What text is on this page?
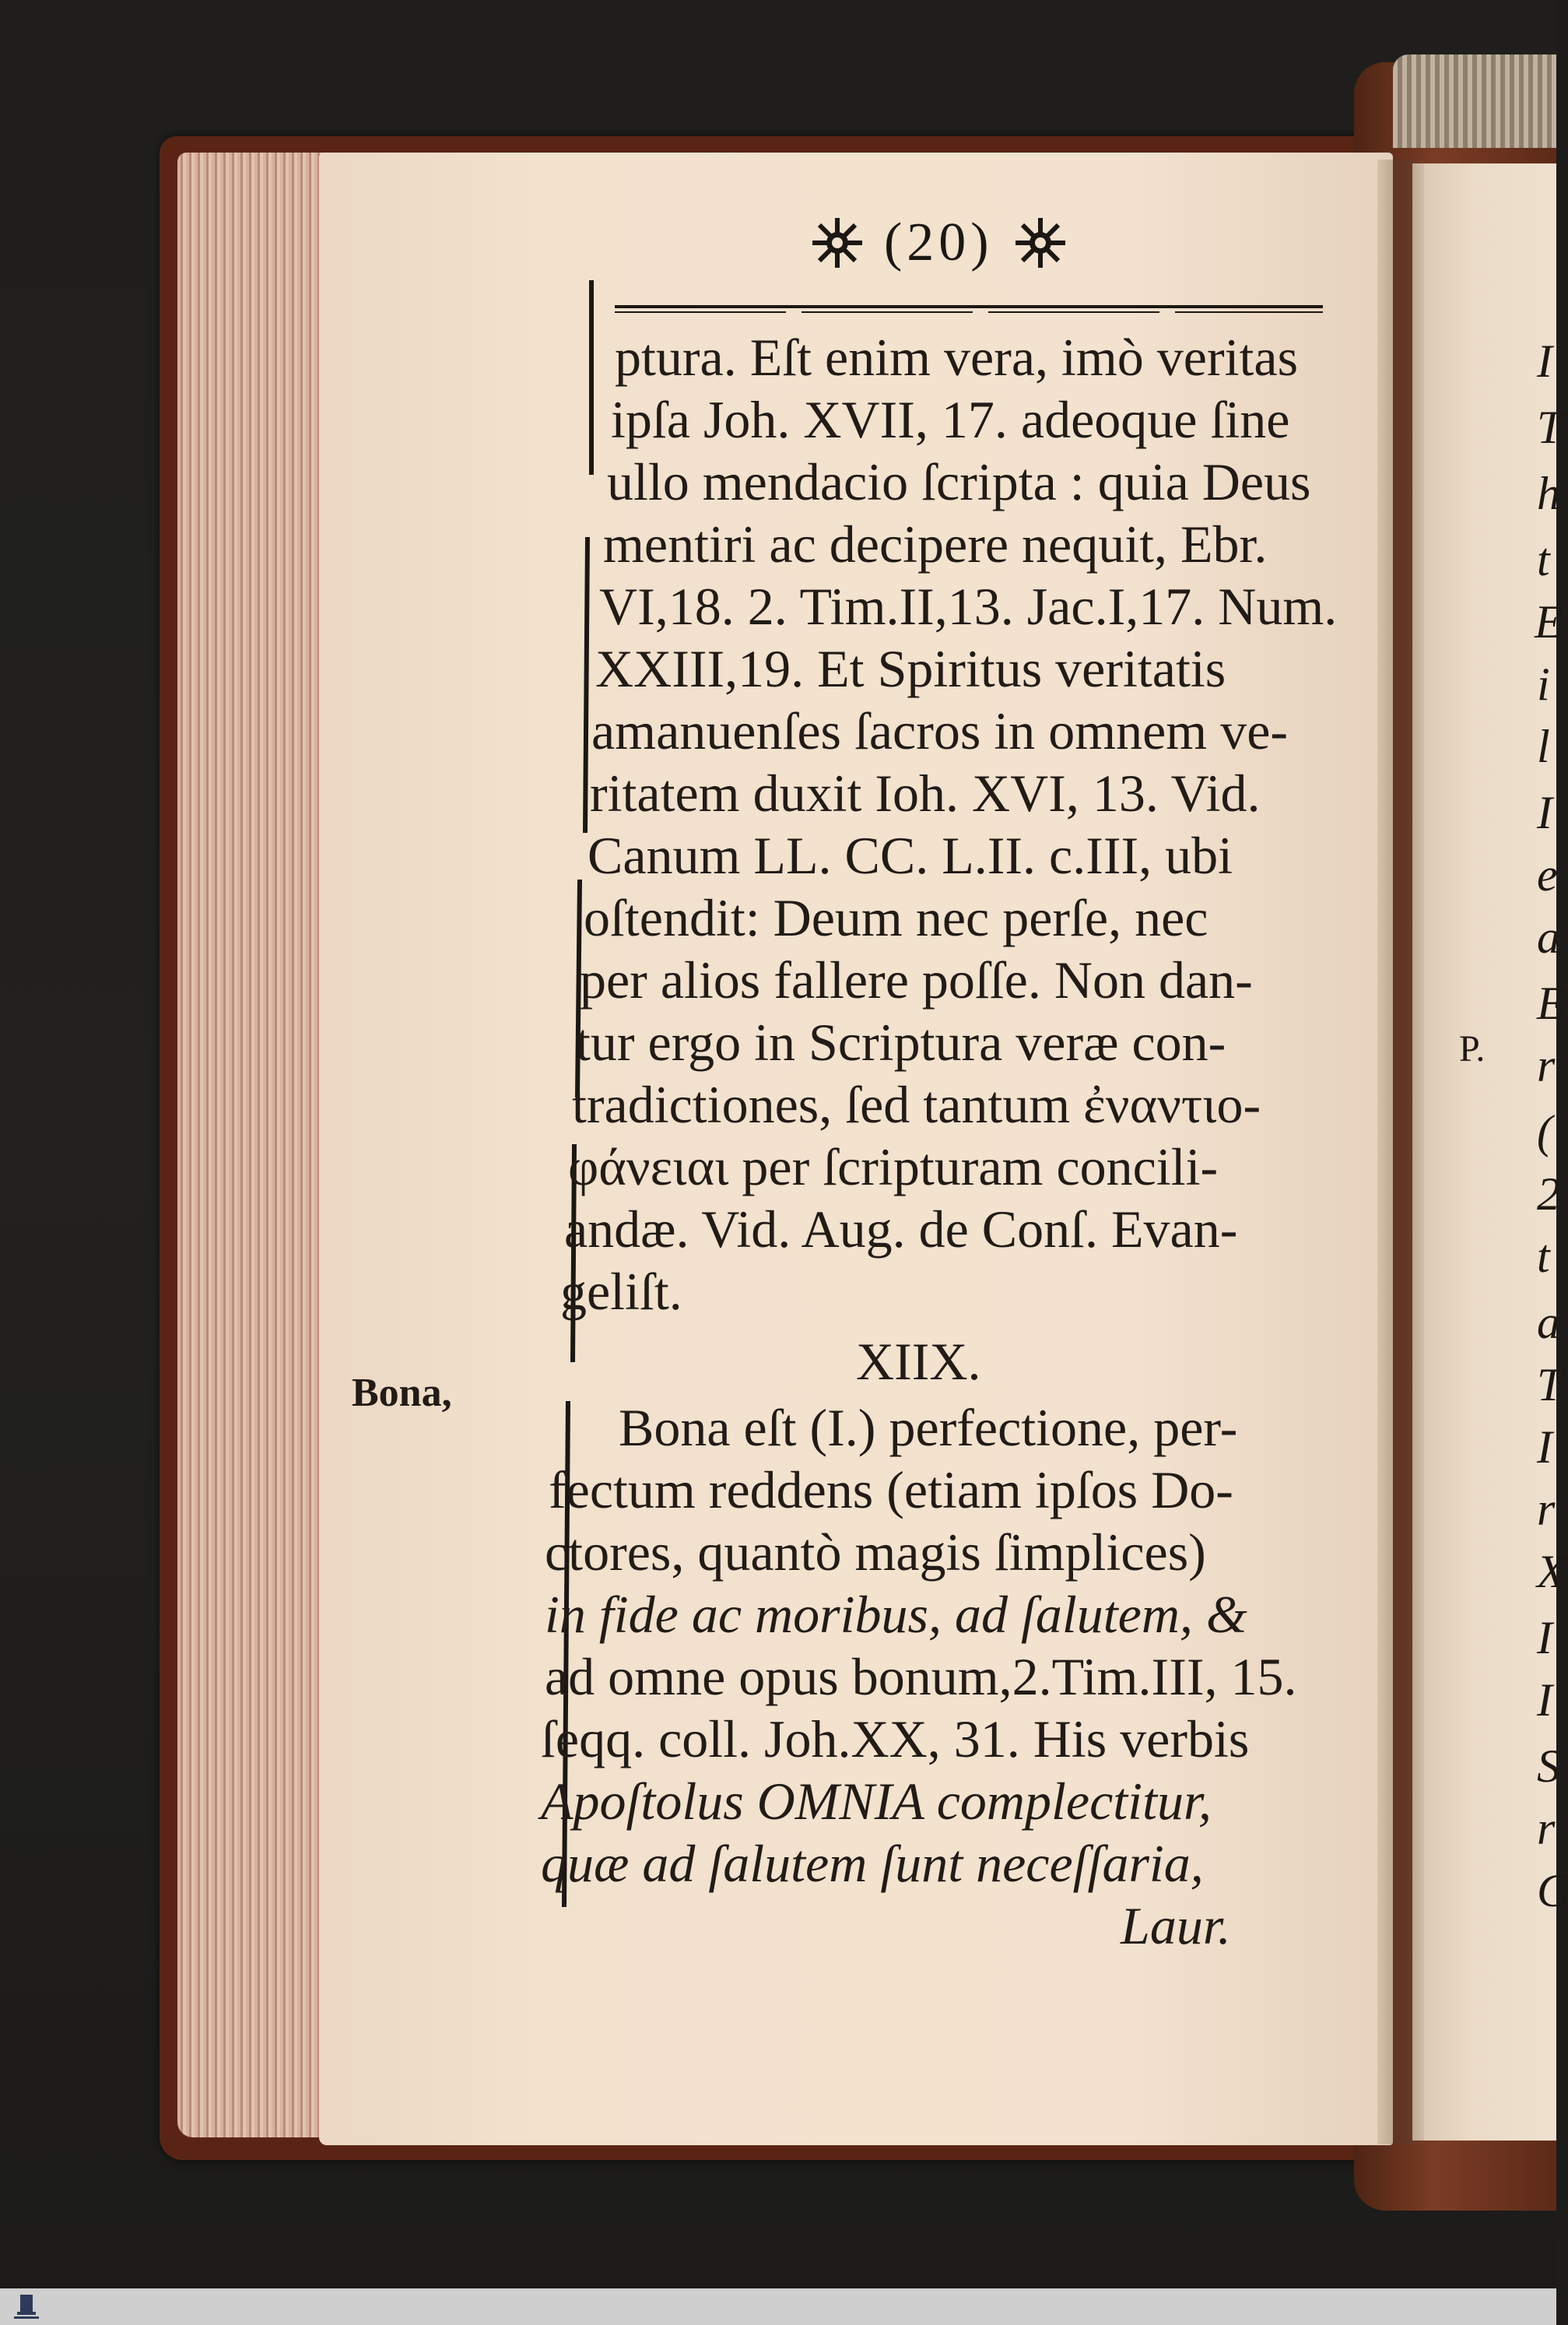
(20)
ptura. Eſt enim vera, imò veritas
ipſa Joh. XVII, 17. adeoque ſine
ullo mendacio ſcripta : quia Deus
mentiri ac decipere nequit, Ebr.
VI,18. 2. Tim.II,13. Jac.I,17. Num.
XXIII,19. Et Spiritus veritatis
amanuenſes ſacros in omnem ve-
ritatem duxit Ioh. XVI, 13. Vid.
Canum LL. CC. L.II. c.III, ubi
oſtendit: Deum nec perſe, nec
per alios fallere poſſe. Non dan-
tur ergo in Scriptura veræ con-
tradictiones, ſed tantum ἐναντιο-
φάνειαι per ſcripturam concili-
andæ. Vid. Aug. de Conſ. Evan-
geliſt.
XIIX.
Bona eſt (I.) perfectione, per-
fectum reddens (etiam ipſos Do-
ctores, quantò magis ſimplices)
in fide ac moribus, ad ſalutem, &
ad omne opus bonum,2.Tim.III, 15.
ſeqq. coll. Joh.XX, 31. His verbis
Apoſtolus OMNIA complectitur,
quæ ad ſalutem ſunt neceſſaria,
Laur.
Bona,
I
T
h
t
E
i
l
I
e
a
E
P. r
(
2
t
a
T
I
r
X
I
I
S
r
C
